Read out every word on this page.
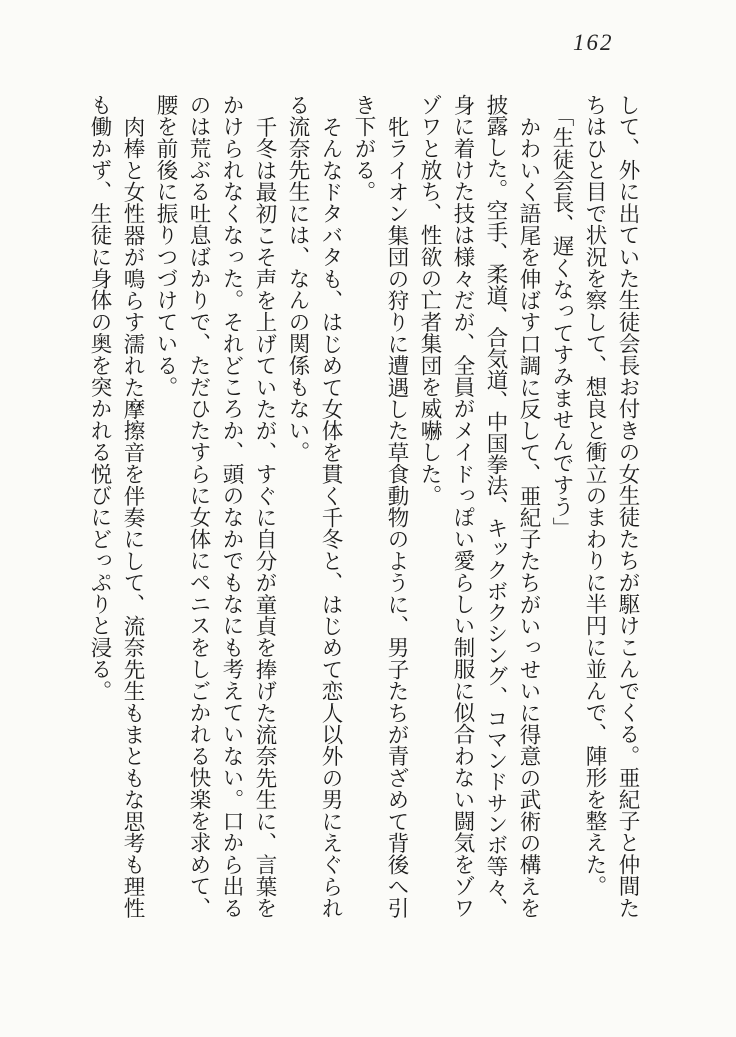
162
して、外に出ていた生徒会長お付きの女生徒たちが駆けこんでくる。亜紀子と仲間た
ちはひと目で状況を察して、想良と衝立のまわりに半円に並んで、陣形を整えた。
「生徒会長、遅くなってすみませんですう」
かわいく語尾を伸ばす口調に反して、亜紀子たちがいっせいに得意の武術の構えを
披露した。空手、柔道、合気道、中国拳法、キックボクシング、コマンドサンボ等々、
身に着けた技は様々だが、全員がメイドっぽい愛らしい制服に似合わない闘気をゾワ
ゾワと放ち、性欲の亡者集団を威嚇した。
牝ライオン集団の狩りに遭遇した草食動物のように、男子たちが青ざめて背後へ引
き下がる。
そんなドタバタも、はじめて女体を貫く千冬と、はじめて恋人以外の男にえぐられ
る流奈先生には、なんの関係もない。
千冬は最初こそ声を上げていたが、すぐに自分が童貞を捧げた流奈先生に、言葉を
かけられなくなった。それどころか、頭のなかでもなにも考えていない。口から出る
のは荒ぶる吐息ばかりで、ただひたすらに女体にペニスをしごかれる快楽を求めて、
腰を前後に振りつづけている。
肉棒と女性器が鳴らす濡れた摩擦音を伴奏にして、流奈先生もまともな思考も理性
も働かず、生徒に身体の奥を突かれる悦びにどっぷりと浸る。
